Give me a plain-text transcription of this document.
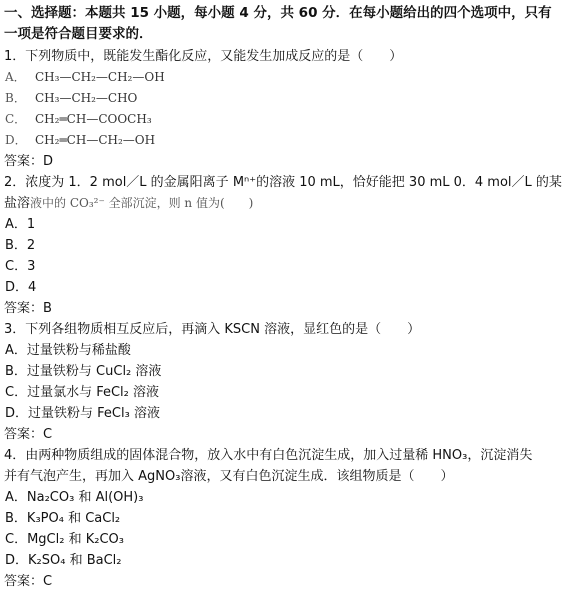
一、选择题：本题共 15 小题，每小题 4 分，共 60 分．在每小题给出的四个选项中，只有
一项是符合题目要求的．
1．下列物质中，既能发生酯化反应，又能发生加成反应的是（　　）
A． CH₃—CH₂—CH₂—OH
B． CH₃—CH₂—CHO
C． CH₂═CH—COOCH₃
D． CH₂═CH—CH₂—OH
答案：D
2．浓度为 1．2 mol／L 的金属阳离子 Mⁿ⁺的溶液 10 mL，恰好能把 30 mL 0．4 mol／L 的某
盐溶液中的 CO₃²⁻ 全部沉淀，则 n 值为(　　)
A．1
B．2
C．3
D．4
答案：B
3．下列各组物质相互反应后，再滴入 KSCN 溶液，显红色的是（　　）
A．过量铁粉与稀盐酸
B．过量铁粉与 CuCl₂ 溶液
C．过量氯水与 FeCl₂ 溶液
D．过量铁粉与 FeCl₃ 溶液
答案：C
4．由两种物质组成的固体混合物，放入水中有白色沉淀生成，加入过量稀 HNO₃，沉淀消失
并有气泡产生，再加入 AgNO₃溶液，又有白色沉淀生成．该组物质是（　　）
A．Na₂CO₃ 和 Al(OH)₃
B．K₃PO₄ 和 CaCl₂
C．MgCl₂ 和 K₂CO₃
D．K₂SO₄ 和 BaCl₂
答案：C
